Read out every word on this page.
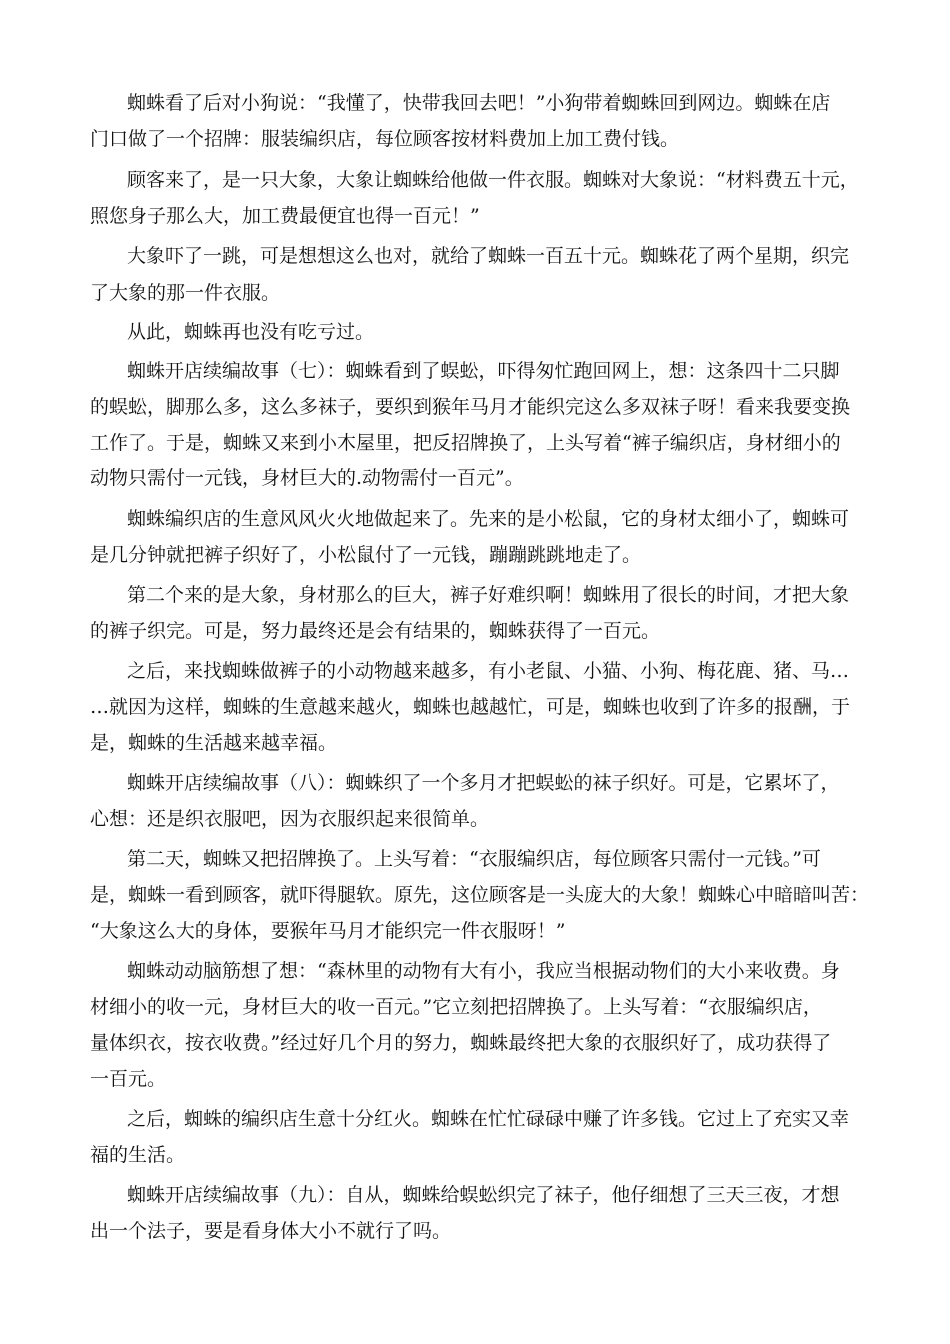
蜘蛛看了后对小狗说：“我懂了，快带我回去吧！”小狗带着蜘蛛回到网边。蜘蛛在店
门口做了一个招牌：服装编织店，每位顾客按材料费加上加工费付钱。
顾客来了，是一只大象，大象让蜘蛛给他做一件衣服。蜘蛛对大象说：“材料费五十元，
照您身子那么大，加工费最便宜也得一百元！”
大象吓了一跳，可是想想这么也对，就给了蜘蛛一百五十元。蜘蛛花了两个星期，织完
了大象的那一件衣服。
从此，蜘蛛再也没有吃亏过。
蜘蛛开店续编故事（七）：蜘蛛看到了蜈蚣，吓得匆忙跑回网上，想：这条四十二只脚
的蜈蚣，脚那么多，这么多袜子，要织到猴年马月才能织完这么多双袜子呀！看来我要变换
工作了。于是，蜘蛛又来到小木屋里，把反招牌换了，上头写着“裤子编织店，身材细小的
动物只需付一元钱，身材巨大的.动物需付一百元”。
蜘蛛编织店的生意风风火火地做起来了。先来的是小松鼠，它的身材太细小了，蜘蛛可
是几分钟就把裤子织好了，小松鼠付了一元钱，蹦蹦跳跳地走了。
第二个来的是大象，身材那么的巨大，裤子好难织啊！蜘蛛用了很长的时间，才把大象
的裤子织完。可是，努力最终还是会有结果的，蜘蛛获得了一百元。
之后，来找蜘蛛做裤子的小动物越来越多，有小老鼠、小猫、小狗、梅花鹿、猪、马…
…就因为这样，蜘蛛的生意越来越火，蜘蛛也越越忙，可是，蜘蛛也收到了许多的报酬，于
是，蜘蛛的生活越来越幸福。
蜘蛛开店续编故事（八）：蜘蛛织了一个多月才把蜈蚣的袜子织好。可是，它累坏了，
心想：还是织衣服吧，因为衣服织起来很简单。
第二天，蜘蛛又把招牌换了。上头写着：“衣服编织店，每位顾客只需付一元钱。”可
是，蜘蛛一看到顾客，就吓得腿软。原先，这位顾客是一头庞大的大象！蜘蛛心中暗暗叫苦：
“大象这么大的身体，要猴年马月才能织完一件衣服呀！”
蜘蛛动动脑筋想了想：“森林里的动物有大有小，我应当根据动物们的大小来收费。身
材细小的收一元，身材巨大的收一百元。”它立刻把招牌换了。上头写着：“衣服编织店，
量体织衣，按衣收费。”经过好几个月的努力，蜘蛛最终把大象的衣服织好了，成功获得了
一百元。
之后，蜘蛛的编织店生意十分红火。蜘蛛在忙忙碌碌中赚了许多钱。它过上了充实又幸
福的生活。
蜘蛛开店续编故事（九）：自从，蜘蛛给蜈蚣织完了袜子，他仔细想了三天三夜，才想
出一个法子，要是看身体大小不就行了吗。
